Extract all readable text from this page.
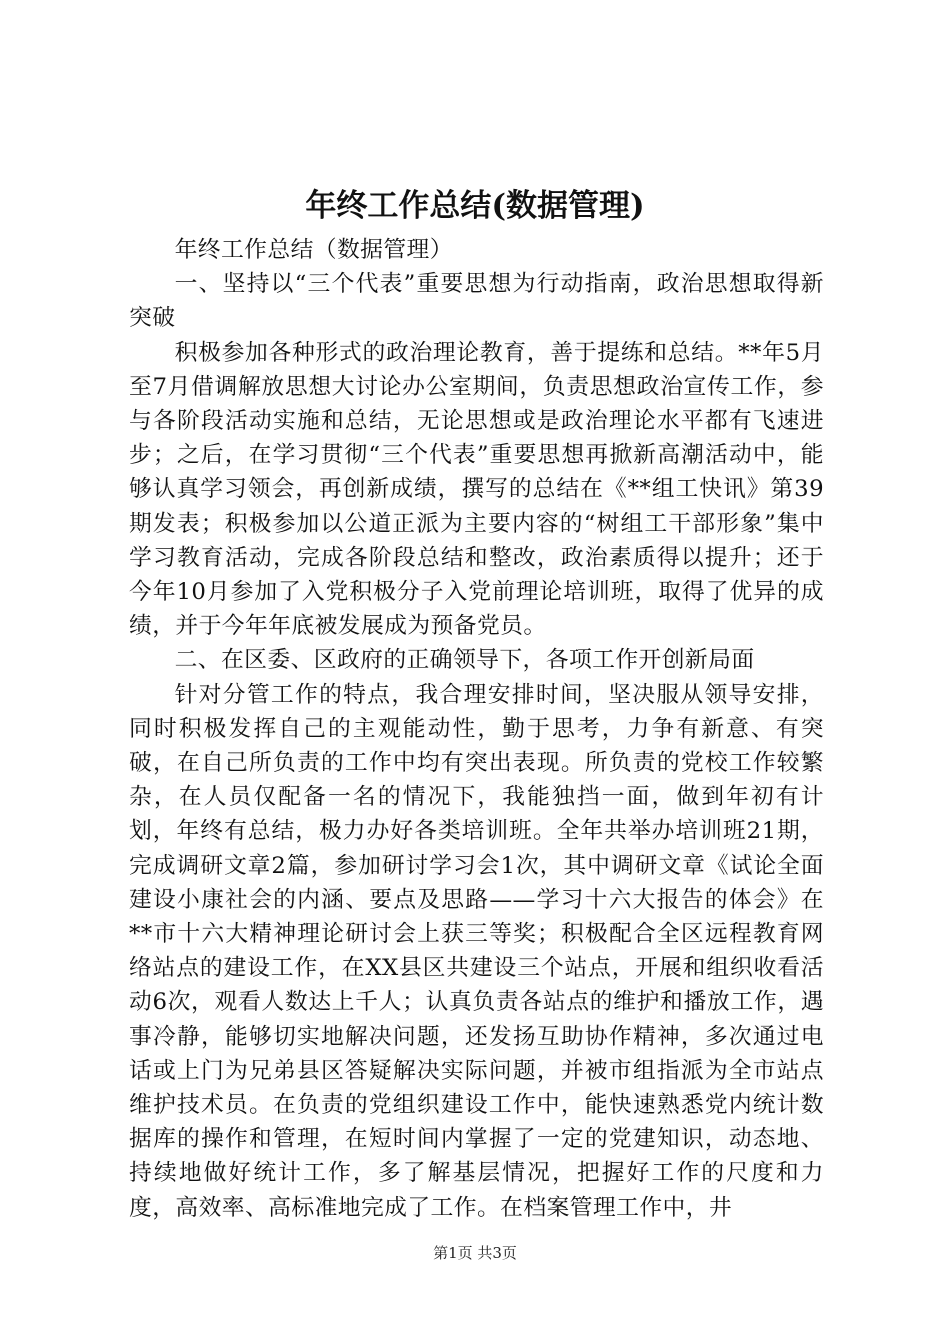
年终工作总结(数据管理)

年终工作总结（数据管理）

一、坚持以“三个代表”重要思想为行动指南，政治思想取得新突破

积极参加各种形式的政治理论教育，善于提练和总结。**年5月至7月借调解放思想大讨论办公室期间，负责思想政治宣传工作，参与各阶段活动实施和总结，无论思想或是政治理论水平都有飞速进步；之后，在学习贯彻“三个代表”重要思想再掀新高潮活动中，能够认真学习领会，再创新成绩，撰写的总结在《**组工快讯》第39期发表；积极参加以公道正派为主要内容的“树组工干部形象”集中学习教育活动，完成各阶段总结和整改，政治素质得以提升；还于今年10月参加了入党积极分子入党前理论培训班，取得了优异的成绩，并于今年年底被发展成为预备党员。

二、在区委、区政府的正确领导下，各项工作开创新局面

针对分管工作的特点，我合理安排时间，坚决服从领导安排，同时积极发挥自己的主观能动性，勤于思考，力争有新意、有突破，在自己所负责的工作中均有突出表现。所负责的党校工作较繁杂，在人员仅配备一名的情况下，我能独挡一面，做到年初有计划，年终有总结，极力办好各类培训班。全年共举办培训班21期，完成调研文章2篇，参加研讨学习会1次，其中调研文章《试论全面建设小康社会的内涵、要点及思路——学习十六大报告的体会》在**市十六大精神理论研讨会上获三等奖；积极配合全区远程教育网络站点的建设工作，在XX县区共建设三个站点，开展和组织收看活动6次，观看人数达上千人；认真负责各站点的维护和播放工作，遇事冷静，能够切实地解决问题，还发扬互助协作精神，多次通过电话或上门为兄弟县区答疑解决实际问题，并被市组指派为全市站点维护技术员。在负责的党组织建设工作中，能快速熟悉党内统计数据库的操作和管理，在短时间内掌握了一定的党建知识，动态地、持续地做好统计工作，多了解基层情况，把握好工作的尺度和力度，高效率、高标准地完成了工作。在档案管理工作中，井

第1页 共3页
